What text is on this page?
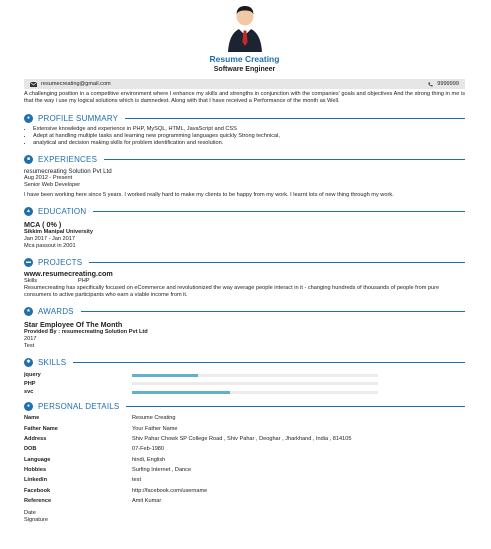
Resume Creating
Software Engineer
resumecreating@gmail.com	9999999
A challenging position in a competitive environment where I enhance my skills and strengths in conjunction with the companies' goals and objectives And the strong thing in me is that the way i use my logical solutions which is damnedest. Along with that I have received a Performance of the month as Well.
● PROFILE SUMMARY
• Extensive knowledge and experience in PHP, MySQL, HTML, JavaScript and CSS
• Adept at handling multiple tasks and learning new programming languages quickly Strong technical,
• analytical and decision making skills for problem identification and resolution.
■ EXPERIENCES
resumecreating Solution Pvt Ltd
Aug 2012 - Present
Senior Web Developer
I have been working here since 5 years. I worked really hard to make my clients to be happy from my work. I learnt lots of new thing through my work.
▲ EDUCATION
MCA ( 0% )
Sikkim Manipal University
Jan 2017 - Jan 2017
Mca passout in 2001
▬ PROJECTS
www.resumecreating.com
Skills	PHP
Resumecreating has specifically focused on eCommerce and revolutionized the way average people interact in it - changing hundreds of thousands of people from pure consumers to active participants who earn a viable income from it.
★ AWARDS
Star Employee Of The Month
Provided By : resumecreating Solution Pvt Ltd
2017
Test
✱ SKILLS
jquery
PHP
svc
● PERSONAL DETAILS
Name	Resume Creating
Father Name	Your Father Name
Address	Shiv Pahar Chowk SP College Road , Shiv Pahar , Deoghar , Jharkhand , India , 814105
DOB	07-Feb-1980
Language	hindi, English
Hobbies	Surfing Internet , Dance
Linkedin	test
Facebook	http://facebook.com/username
Reference	Amit Kumar
Date
Signature
